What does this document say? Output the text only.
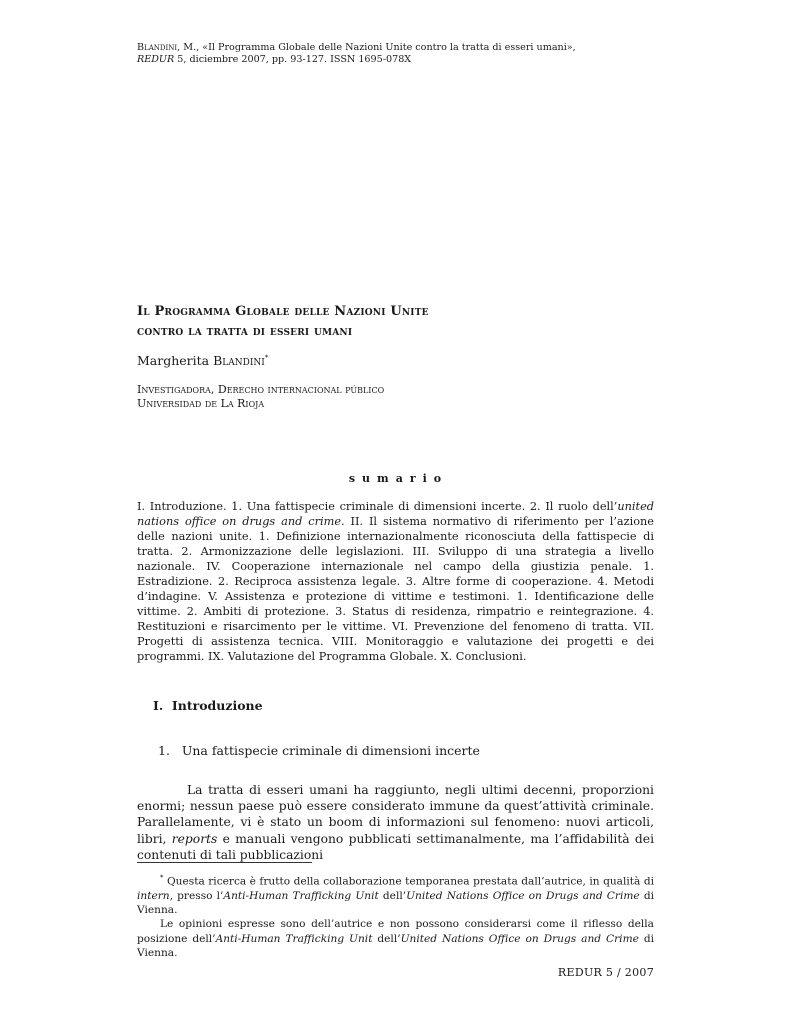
Blandini, M., «Il Programma Globale delle Nazioni Unite contro la tratta di esseri umani»,
REDUR 5, diciembre 2007, pp. 93-127. ISSN 1695-078X
Il Programma Globale delle Nazioni Unite
contro la tratta di esseri umani
Margherita Blandini*
Investigadora, Derecho internacional público
Universidad de La Rioja
sumario
I. Introduzione. 1. Una fattispecie criminale di dimensioni incerte. 2. Il ruolo dell’united nations office on drugs and crime. II. Il sistema normativo di riferimento per l’azione delle nazioni unite. 1. Definizione internazionalmente riconosciuta della fattispecie di tratta. 2. Armonizzazione delle legislazioni. III. Sviluppo di una strategia a livello nazionale. IV. Cooperazione internazionale nel campo della giustizia penale. 1. Estradizione. 2. Reciproca assistenza legale. 3. Altre forme di cooperazione. 4. Metodi d’indagine. V. Assistenza e protezione di vittime e testimoni. 1. Identificazione delle vittime. 2. Ambiti di protezione. 3. Status di residenza, rimpatrio e reintegrazione. 4. Restituzioni e risarcimento per le vittime. VI. Prevenzione del fenomeno di tratta. VII. Progetti di assistenza tecnica. VIII. Monitoraggio e valutazione dei progetti e dei programmi. IX. Valutazione del Programma Globale. X. Conclusioni.
I.  Introduzione
1.   Una fattispecie criminale di dimensioni incerte

La tratta di esseri umani ha raggiunto, negli ultimi decenni, proporzioni enormi; nessun paese può essere considerato immune da quest’attività criminale. Parallelamente, vi è stato un boom di informazioni sul fenomeno: nuovi articoli, libri, reports e manuali vengono pubblicati settimanalmente, ma l’affidabilità dei contenuti di tali pubblicazioni

* Questa ricerca è frutto della collaborazione temporanea prestata dall’autrice, in qualità di intern, presso l’Anti-Human Trafficking Unit dell’United Nations Office on Drugs and Crime di Vienna.

Le opinioni espresse sono dell’autrice e non possono considerarsi come il riflesso della posizione dell’Anti-Human Trafficking Unit dell’United Nations Office on Drugs and Crime di Vienna.

REDUR 5 / 2007
